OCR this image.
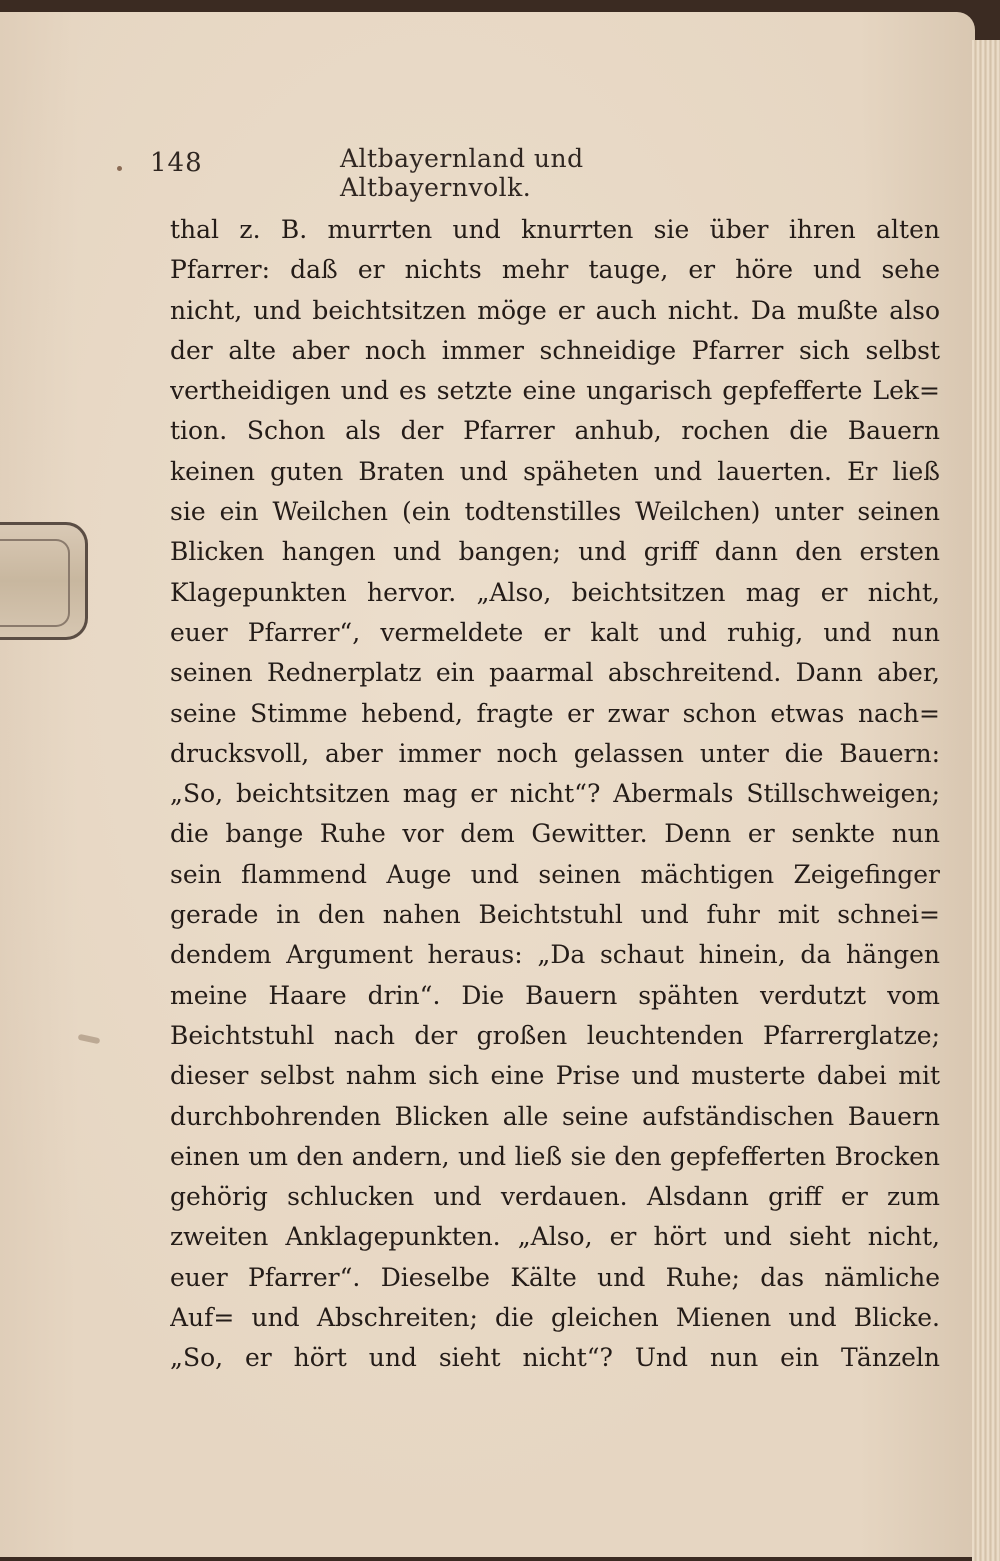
148	Altbayernland und Altbayernvolk.
thal z. B. murrten und knurrten sie über ihren alten
Pfarrer: daß er nichts mehr tauge, er höre und sehe
nicht, und beichtsitzen möge er auch nicht. Da mußte also
der alte aber noch immer schneidige Pfarrer sich selbst
vertheidigen und es setzte eine ungarisch gepfefferte Lek=
tion. Schon als der Pfarrer anhub, rochen die Bauern
keinen guten Braten und späheten und lauerten. Er ließ
sie ein Weilchen (ein todtenstilles Weilchen) unter seinen
Blicken hangen und bangen; und griff dann den ersten
Klagepunkten hervor. „Also, beichtsitzen mag er nicht,
euer Pfarrer“, vermeldete er kalt und ruhig, und nun
seinen Rednerplatz ein paarmal abschreitend. Dann aber,
seine Stimme hebend, fragte er zwar schon etwas nach=
drucksvoll, aber immer noch gelassen unter die Bauern:
„So, beichtsitzen mag er nicht“? Abermals Stillschweigen;
die bange Ruhe vor dem Gewitter. Denn er senkte nun
sein flammend Auge und seinen mächtigen Zeigefinger
gerade in den nahen Beichtstuhl und fuhr mit schnei=
dendem Argument heraus: „Da schaut hinein, da hängen
meine Haare drin“. Die Bauern spähten verdutzt vom
Beichtstuhl nach der großen leuchtenden Pfarrerglatze;
dieser selbst nahm sich eine Prise und musterte dabei mit
durchbohrenden Blicken alle seine aufständischen Bauern
einen um den andern, und ließ sie den gepfefferten Brocken
gehörig schlucken und verdauen. Alsdann griff er zum
zweiten Anklagepunkten. „Also, er hört und sieht nicht,
euer Pfarrer“. Dieselbe Kälte und Ruhe; das nämliche
Auf= und Abschreiten; die gleichen Mienen und Blicke.
„So, er hört und sieht nicht“? Und nun ein Tänzeln
